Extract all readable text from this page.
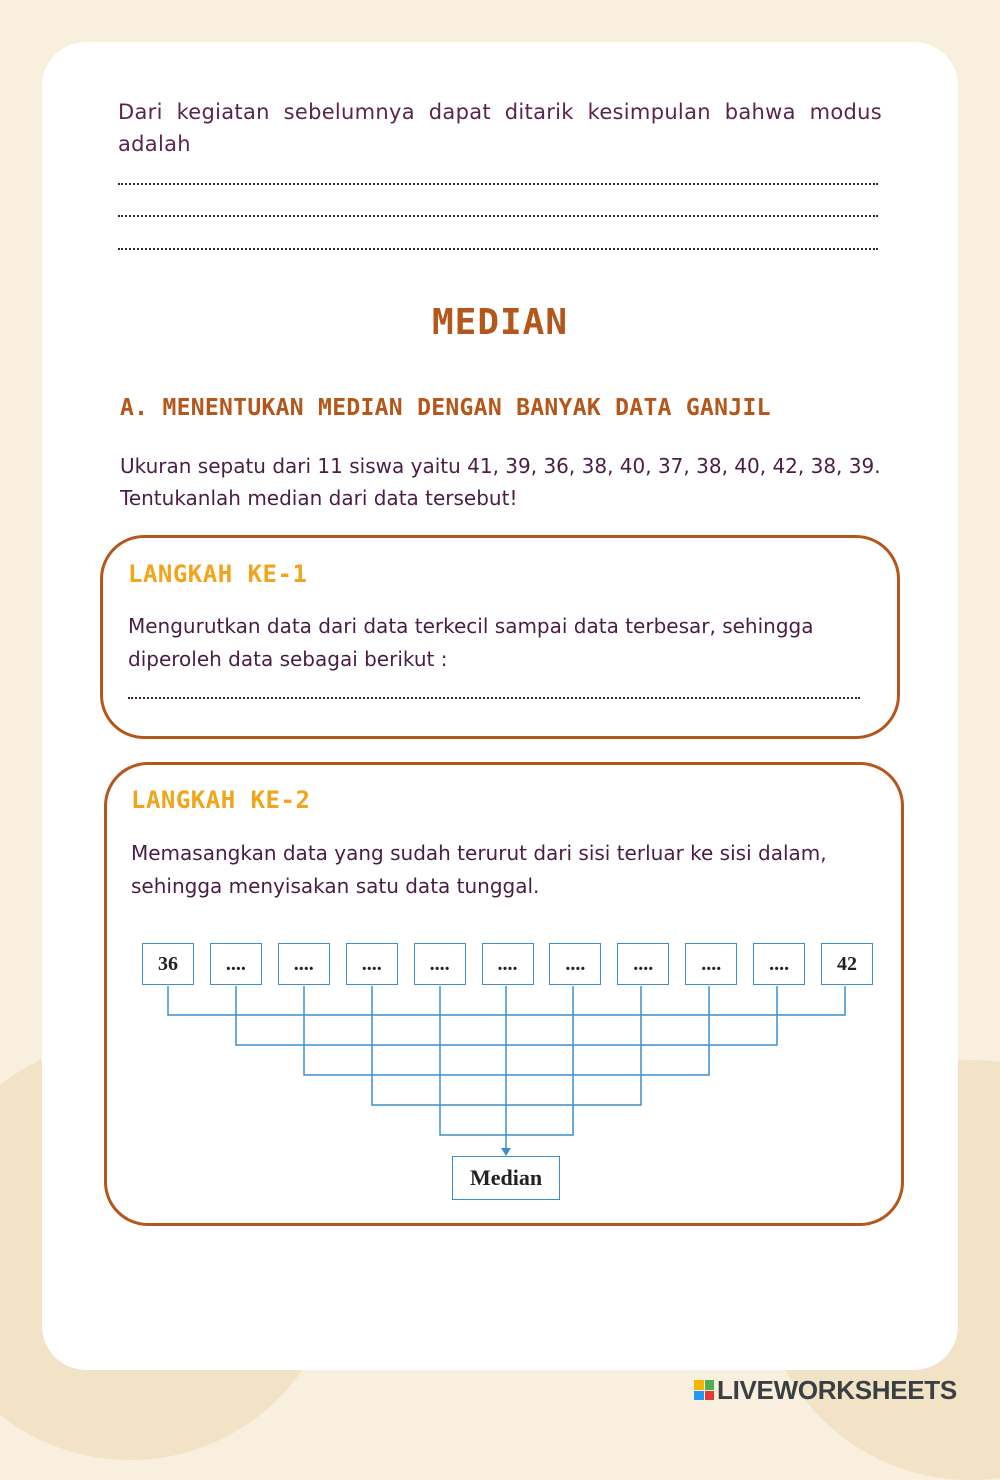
Dari kegiatan sebelumnya dapat ditarik kesimpulan bahwa modus adalah
MEDIAN
A. MENENTUKAN MEDIAN DENGAN BANYAK DATA GANJIL
Ukuran sepatu dari 11 siswa yaitu 41, 39, 36, 38, 40, 37, 38, 40, 42, 38, 39.
Tentukanlah median dari data tersebut!
LANGKAH KE-1
Mengurutkan data dari data terkecil sampai data terbesar, sehingga diperoleh data sebagai berikut :
LANGKAH KE-2
Memasangkan data yang sudah terurut dari sisi terluar ke sisi dalam, sehingga menyisakan satu data tunggal.
36	....	....	....	....	....	....	....	....	....	42
Median
LIVEWORKSHEETS
